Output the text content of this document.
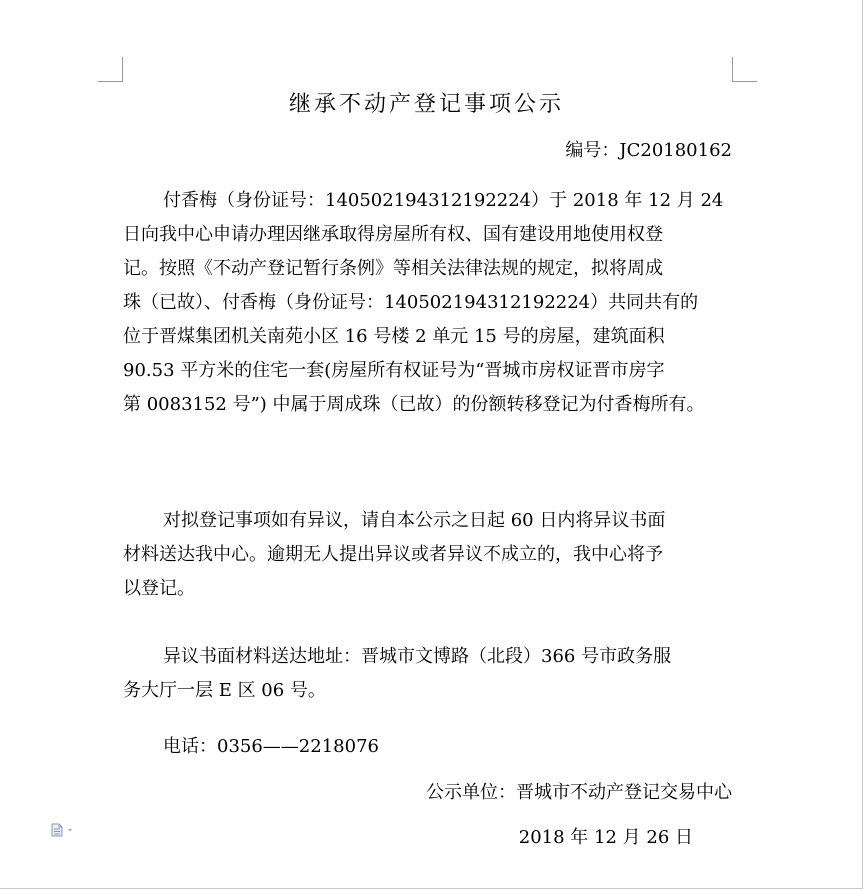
继承不动产登记事项公示
编号：JC20180162

付香梅（身份证号：140502194312192224）于 2018 年 12 月 24
日向我中心申请办理因继承取得房屋所有权、国有建设用地使用权登
记。按照《不动产登记暂行条例》等相关法律法规的规定，拟将周成
珠（已故）、付香梅（身份证号：140502194312192224）共同共有的
位于晋煤集团机关南苑小区 16 号楼 2 单元 15 号的房屋，建筑面积
90.53 平方米的住宅一套(房屋所有权证号为“晋城市房权证晋市房字
第 0083152 号”) 中属于周成珠（已故）的份额转移登记为付香梅所有。

对拟登记事项如有异议，请自本公示之日起 60 日内将异议书面
材料送达我中心。逾期无人提出异议或者异议不成立的，我中心将予
以登记。

异议书面材料送达地址：晋城市文博路（北段）366 号市政务服
务大厅一层 E 区 06 号。

电话：0356——2218076

公示单位：晋城市不动产登记交易中心
2018 年 12 月 26 日
